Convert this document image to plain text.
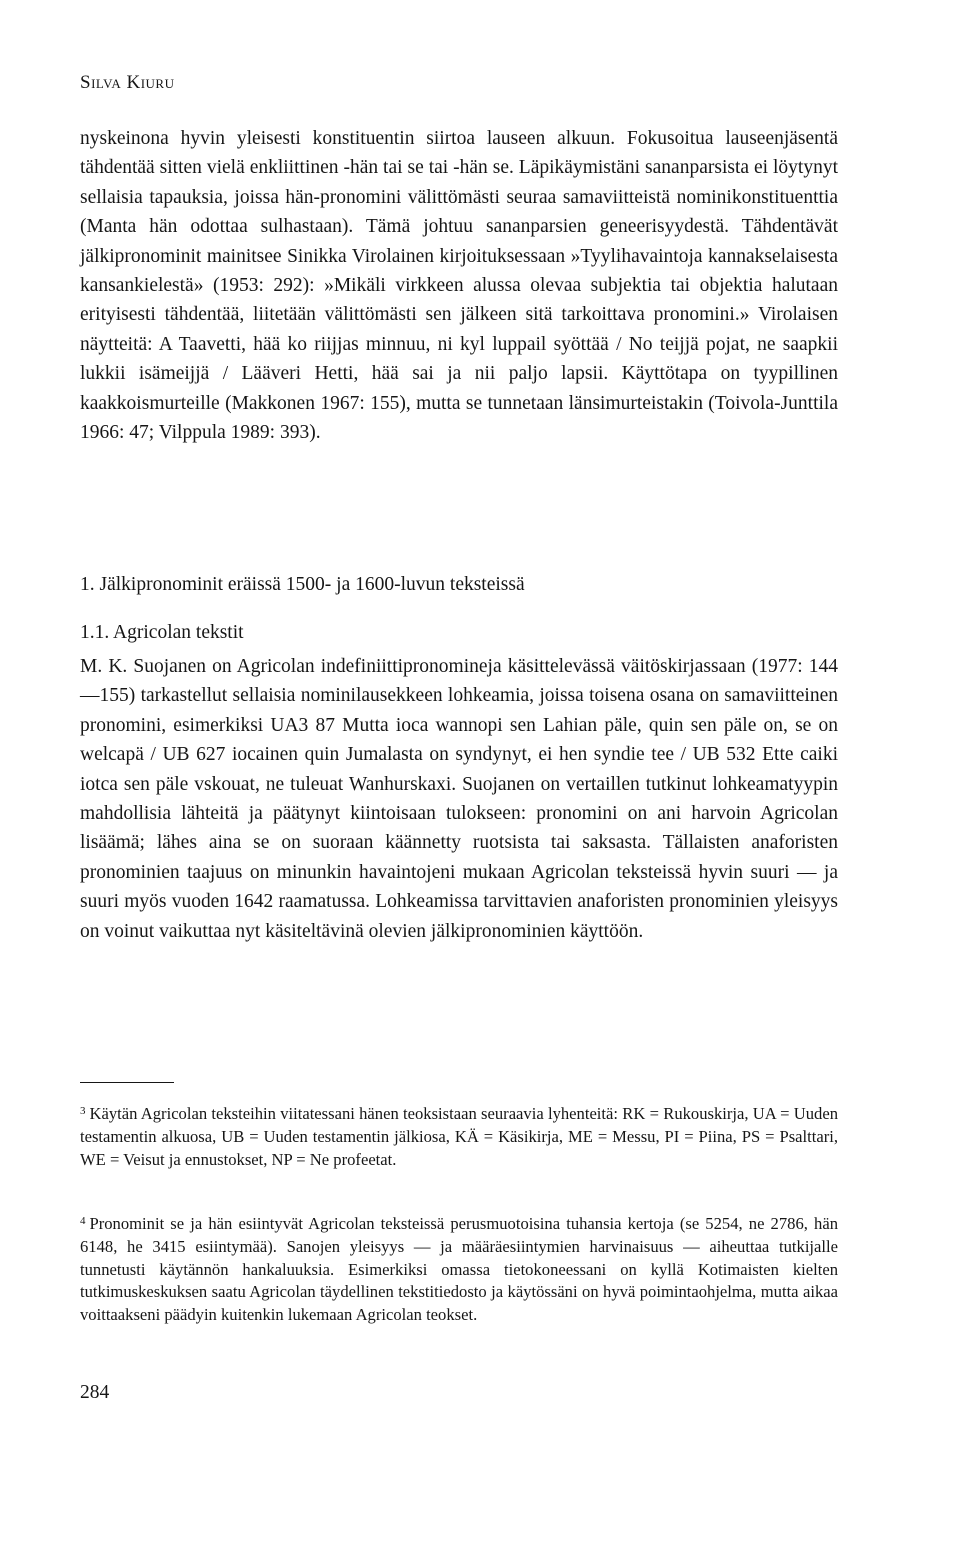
Silva Kiuru

nyskeinona hyvin yleisesti konstituentin siirtoa lauseen alkuun. Fokusoitua lauseenjäsentä tähdentää sitten vielä enkliittinen -hän tai se tai -hän se. Läpikäymistäni sananparsista ei löytynyt sellaisia tapauksia, joissa hän-pronomini välittömästi seuraa samaviitteistä nominikonstituenttia (Manta hän odottaa sulhastaan). Tämä johtuu sananparsien geneerisyydestä. Tähdentävät jälkipronominit mainitsee Sinikka Virolainen kirjoituksessaan »Tyylihavaintoja kannakselaisesta kansankielestä» (1953: 292): »Mikäli virkkeen alussa olevaa subjektia tai objektia halutaan erityisesti tähdentää, liitetään välittömästi sen jälkeen sitä tarkoittava pronomini.» Virolaisen näytteitä: A Taavetti, hää ko riijjas minnuu, ni kyl luppail syöttää / No teijjä pojat, ne saapkii lukkii isämeijjä / Lääveri Hetti, hää sai ja nii paljo lapsii. Käyttötapa on tyypillinen kaakkoismurteille (Makkonen 1967: 155), mutta se tunnetaan länsimurteistakin (Toivola-Junttila 1966: 47; Vilppula 1989: 393).

1. Jälkipronominit eräissä 1500- ja 1600-luvun teksteissä

1.1. Agricolan tekstit

M. K. Suojanen on Agricolan indefiniittipronomineja käsittelevässä väitöskirjassaan (1977: 144—155) tarkastellut sellaisia nominilausekkeen lohkeamia, joissa toisena osana on samaviitteinen pronomini, esimerkiksi UA3 87 Mutta ioca wannopi sen Lahian päle, quin sen päle on, se on welcapä / UB 627 iocainen quin Jumalasta on syndynyt, ei hen syndie tee / UB 532 Ette caiki iotca sen päle vskouat, ne tuleuat Wanhurskaxi. Suojanen on vertaillen tutkinut lohkeamatyypin mahdollisia lähteitä ja päätynyt kiintoisaan tulokseen: pronomini on ani harvoin Agricolan lisäämä; lähes aina se on suoraan käännetty ruotsista tai saksasta. Tällaisten anaforisten pronominien taajuus on minunkin havaintojeni mukaan Agricolan teksteissä hyvin suuri — ja suuri myös vuoden 1642 raamatussa. Lohkeamissa tarvittavien anaforisten pronominien yleisyys on voinut vaikuttaa nyt käsiteltävinä olevien jälkipronominien käyttöön.

$^3$ Käytän Agricolan teksteihin viitatessani hänen teoksistaan seuraavia lyhenteitä: RK = Rukouskirja, UA = Uuden testamentin alkuosa, UB = Uuden testamentin jälkiosa, KÄ = Käsikirja, ME = Messu, PI = Piina, PS = Psalttari, WE = Veisut ja ennustokset, NP = Ne profeetat.

$^4$ Pronominit se ja hän esiintyvät Agricolan teksteissä perusmuotoisina tuhansia kertoja (se 5254, ne 2786, hän 6148, he 3415 esiintymää). Sanojen yleisyys — ja määräesiintymien harvinaisuus — aiheuttaa tutkijalle tunnetusti käytännön hankaluuksia. Esimerkiksi omassa tietokoneessani on kyllä Kotimaisten kielten tutkimuskeskuksen saatu Agricolan täydellinen tekstitiedosto ja käytössäni on hyvä poimintaohjelma, mutta aikaa voittaakseni päädyin kuitenkin lukemaan Agricolan teokset.

284
